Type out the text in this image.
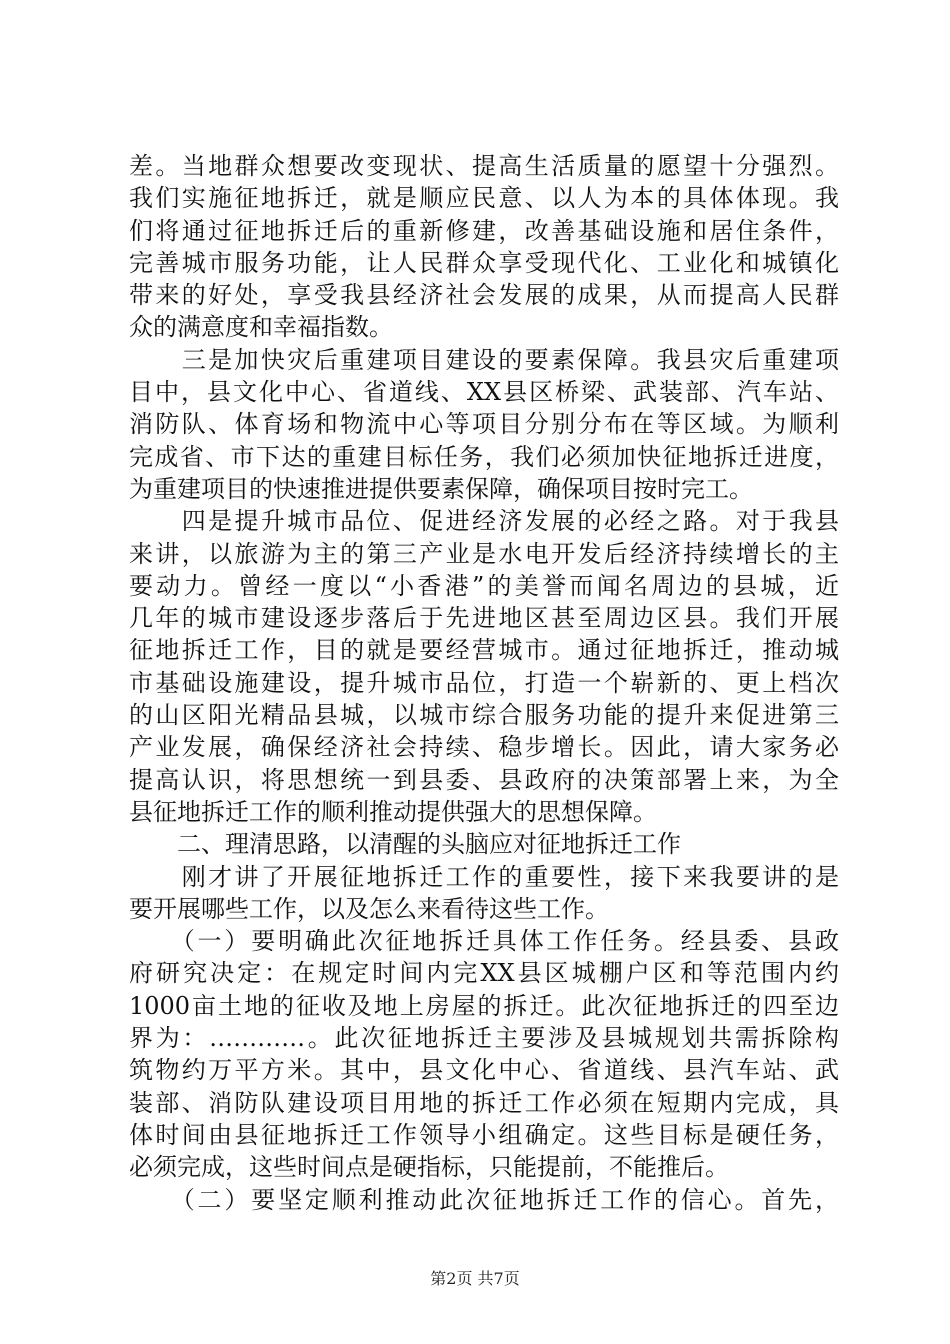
差。当地群众想要改变现状、提高生活质量的愿望十分强烈。
我们实施征地拆迁，就是顺应民意、以人为本的具体体现。我
们将通过征地拆迁后的重新修建，改善基础设施和居住条件，
完善城市服务功能，让人民群众享受现代化、工业化和城镇化
带来的好处，享受我县经济社会发展的成果，从而提高人民群
众的满意度和幸福指数。
　　三是加快灾后重建项目建设的要素保障。我县灾后重建项
目中，县文化中心、省道线、XX县区桥梁、武装部、汽车站、
消防队、体育场和物流中心等项目分别分布在等区域。为顺利
完成省、市下达的重建目标任务，我们必须加快征地拆迁进度，
为重建项目的快速推进提供要素保障，确保项目按时完工。
　　四是提升城市品位、促进经济发展的必经之路。对于我县
来讲，以旅游为主的第三产业是水电开发后经济持续增长的主
要动力。曾经一度以“小香港”的美誉而闻名周边的县城，近
几年的城市建设逐步落后于先进地区甚至周边区县。我们开展
征地拆迁工作，目的就是要经营城市。通过征地拆迁，推动城
市基础设施建设，提升城市品位，打造一个崭新的、更上档次
的山区阳光精品县城，以城市综合服务功能的提升来促进第三
产业发展，确保经济社会持续、稳步增长。因此，请大家务必
提高认识，将思想统一到县委、县政府的决策部署上来，为全
县征地拆迁工作的顺利推动提供强大的思想保障。
　　二、理清思路，以清醒的头脑应对征地拆迁工作
　　刚才讲了开展征地拆迁工作的重要性，接下来我要讲的是
要开展哪些工作，以及怎么来看待这些工作。
　　（一）要明确此次征地拆迁具体工作任务。经县委、县政
府研究决定：在规定时间内完XX县区城棚户区和等范围内约
1000亩土地的征收及地上房屋的拆迁。此次征地拆迁的四至边
界为：…………。此次征地拆迁主要涉及县城规划共需拆除构
筑物约万平方米。其中，县文化中心、省道线、县汽车站、武
装部、消防队建设项目用地的拆迁工作必须在短期内完成，具
体时间由县征地拆迁工作领导小组确定。这些目标是硬任务，
必须完成，这些时间点是硬指标，只能提前，不能推后。
　　（二）要坚定顺利推动此次征地拆迁工作的信心。首先，
第2页 共7页
